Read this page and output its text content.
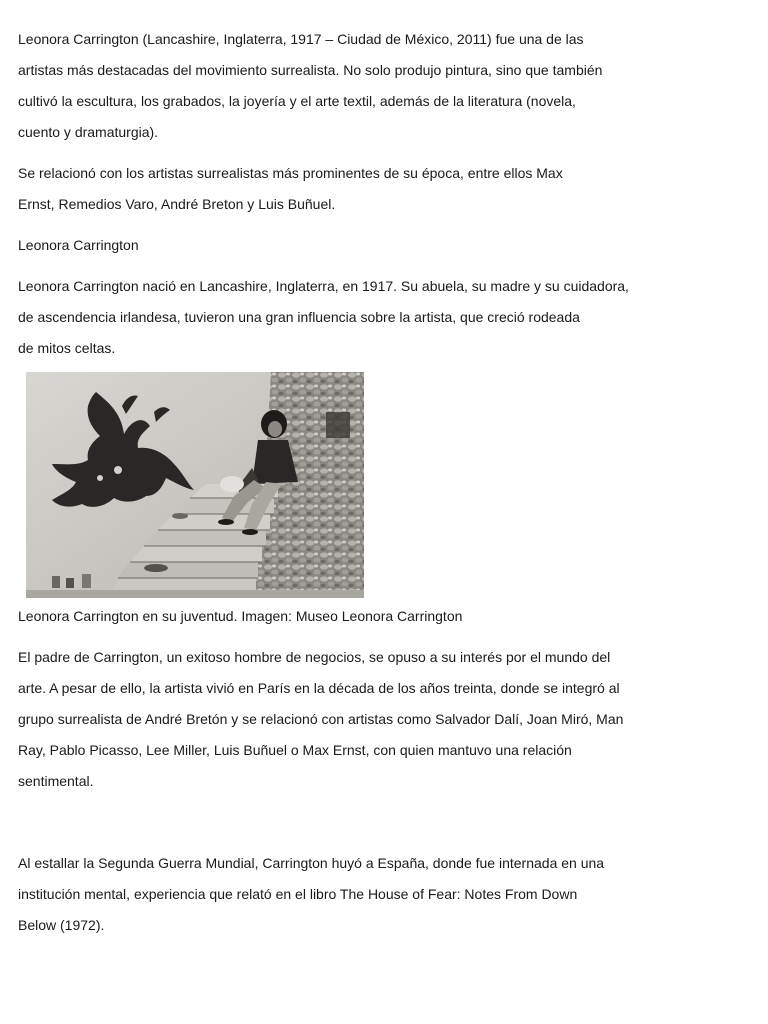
Leonora Carrington (Lancashire, Inglaterra, 1917 – Ciudad de México, 2011) fue una de las
artistas más destacadas del movimiento surrealista. No solo produjo pintura, sino que también
cultivó la escultura, los grabados, la joyería y el arte textil, además de la literatura (novela,
cuento y dramaturgia).
Se relacionó con los artistas surrealistas más prominentes de su época, entre ellos Max
Ernst, Remedios Varo, André Breton y Luis Buñuel.
Leonora Carrington
Leonora Carrington nació en Lancashire, Inglaterra, en 1917. Su abuela, su madre y su cuidadora,
de ascendencia irlandesa, tuvieron una gran influencia sobre la artista, que creció rodeada
de mitos celtas.
Leonora Carrington en su juventud. Imagen: Museo Leonora Carrington
El padre de Carrington, un exitoso hombre de negocios, se opuso a su interés por el mundo del
arte. A pesar de ello, la artista vivió en París en la década de los años treinta, donde se integró al
grupo surrealista de André Bretón y se relacionó con artistas como Salvador Dalí, Joan Miró, Man
Ray, Pablo Picasso, Lee Miller, Luis Buñuel o Max Ernst, con quien mantuvo una relación
sentimental.
Al estallar la Segunda Guerra Mundial, Carrington huyó a España, donde fue internada en una
institución mental, experiencia que relató en el libro The House of Fear: Notes From Down
Below (1972).
